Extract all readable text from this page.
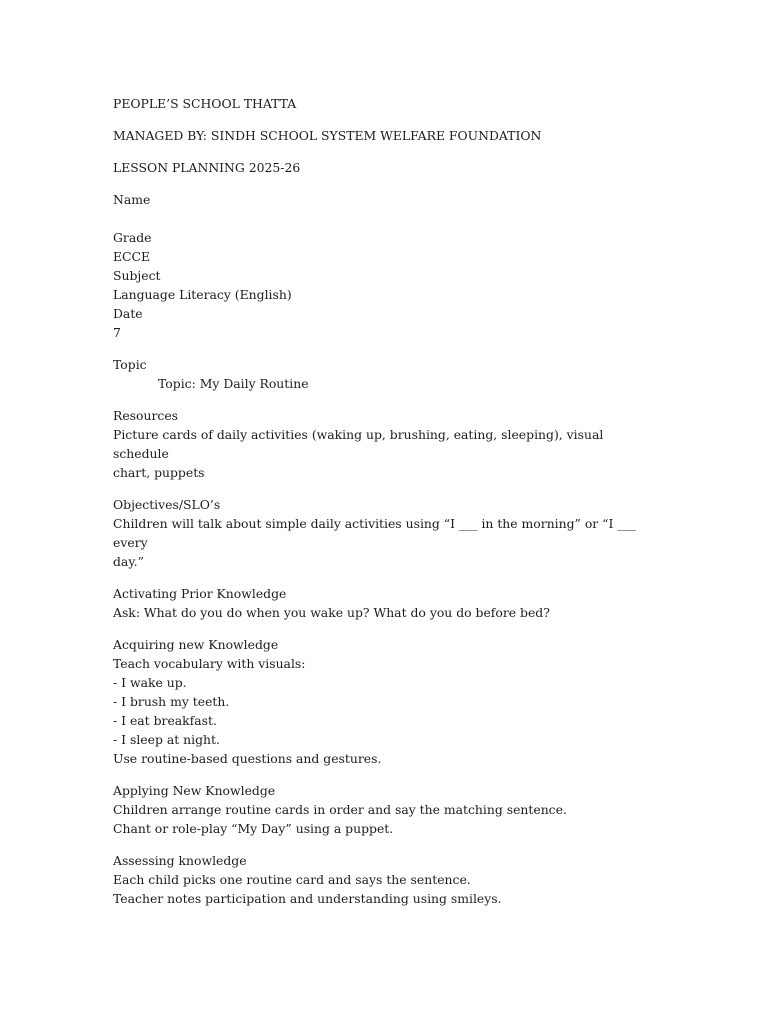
PEOPLE’S SCHOOL THATTA
MANAGED BY: SINDH SCHOOL SYSTEM WELFARE FOUNDATION
LESSON PLANNING 2025-26
Name
Grade
ECCE
Subject
Language Literacy (English)
Date
7
Topic
Topic: My Daily Routine
Resources
Picture cards of daily activities (waking up, brushing, eating, sleeping), visual schedule
chart, puppets
Objectives/SLO’s
Children will talk about simple daily activities using “I ___ in the morning” or “I ___ every
day.”
Activating Prior Knowledge
Ask: What do you do when you wake up? What do you do before bed?
Acquiring new Knowledge
Teach vocabulary with visuals:
- I wake up.
- I brush my teeth.
- I eat breakfast.
- I sleep at night.
Use routine-based questions and gestures.
Applying New Knowledge
Children arrange routine cards in order and say the matching sentence.
Chant or role-play “My Day” using a puppet.
Assessing knowledge
Each child picks one routine card and says the sentence.
Teacher notes participation and understanding using smileys.
